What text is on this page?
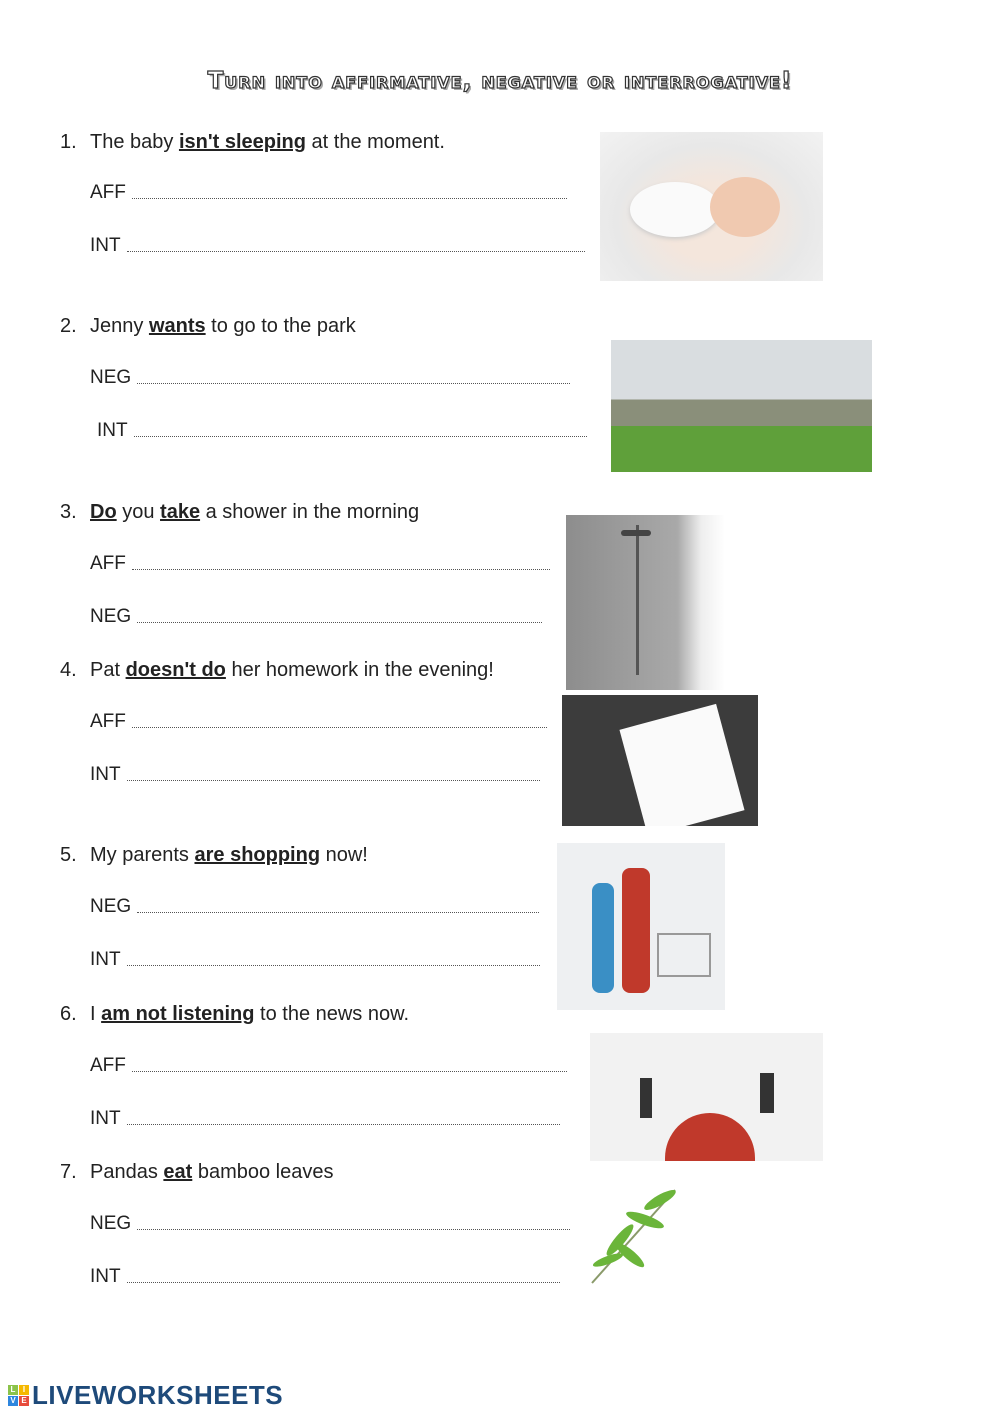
Turn into affirmative, negative or interrogative!
1. The baby isn't sleeping at the moment.
AFF
INT
2. Jenny wants to go to the park
NEG
INT
3. Do you take a shower in the morning
AFF
NEG
4. Pat doesn't do her homework in the evening!
AFF
INT
5. My parents are shopping now!
NEG
INT
6. I am not listening to the news now.
AFF
INT
7. Pandas eat bamboo leaves
NEG
INT
L I
V E LIVEWORKSHEETS
